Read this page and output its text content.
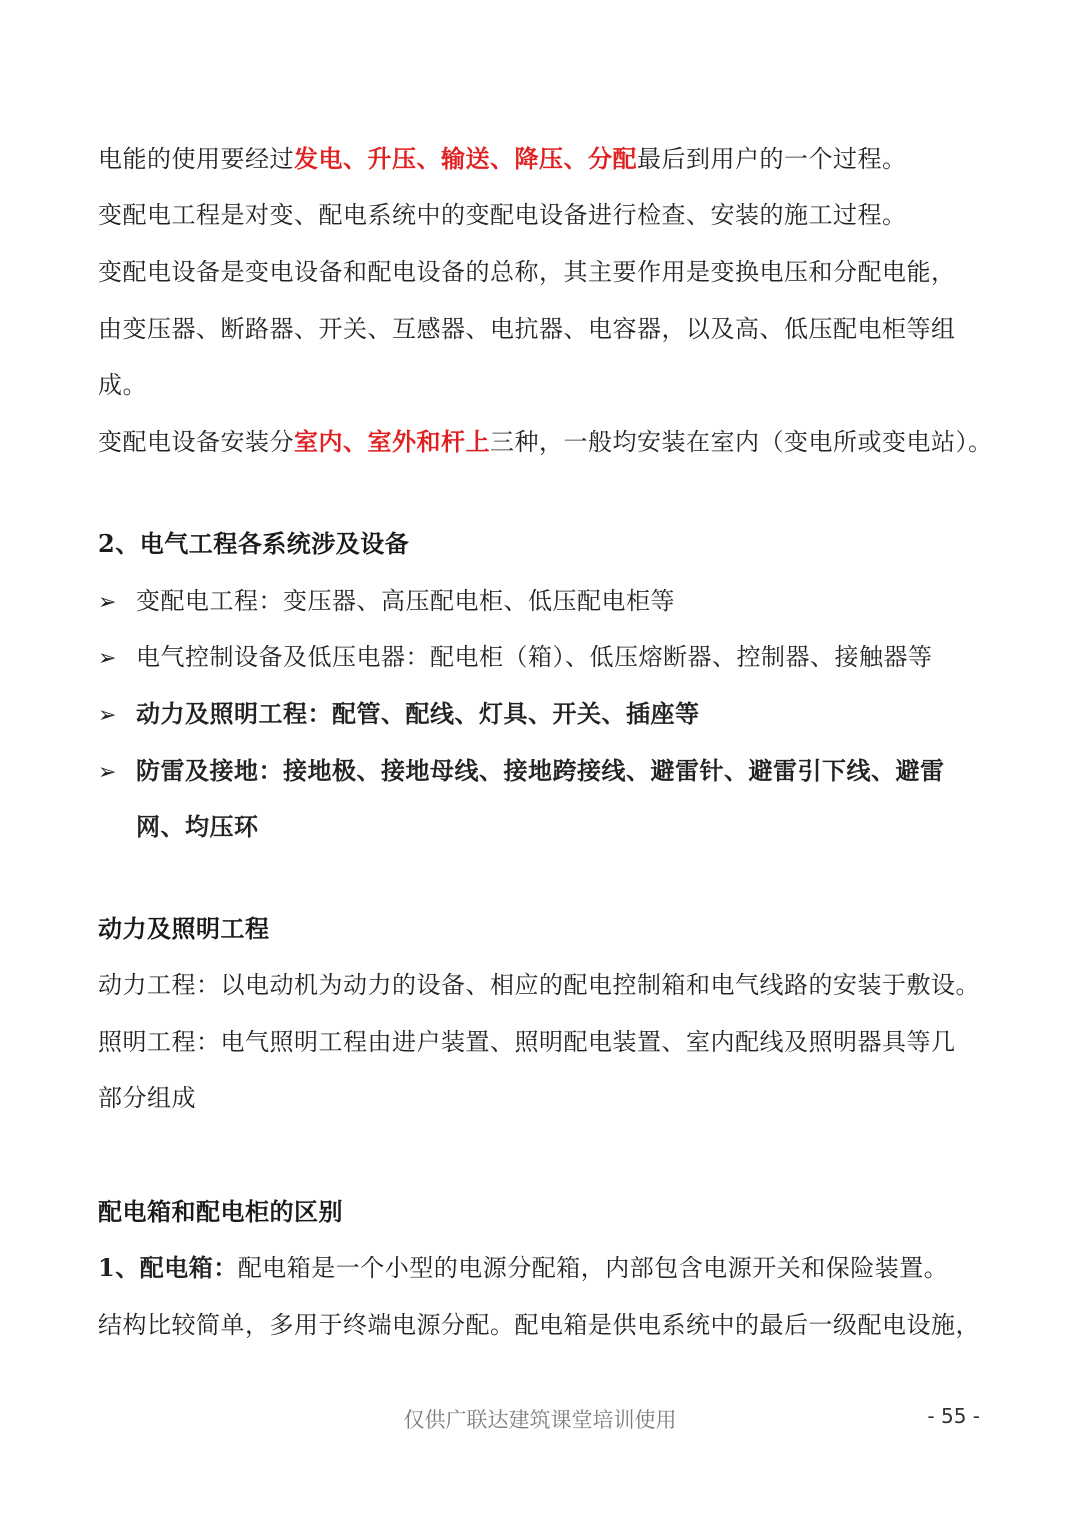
电能的使用要经过发电、升压、输送、降压、分配最后到用户的一个过程。
变配电工程是对变、配电系统中的变配电设备进行检查、安装的施工过程。
变配电设备是变电设备和配电设备的总称，其主要作用是变换电压和分配电能，
由变压器、断路器、开关、互感器、电抗器、电容器，以及高、低压配电柜等组
成。
变配电设备安装分室内、室外和杆上三种，一般均安装在室内（变电所或变电站）。
2、电气工程各系统涉及设备
➢ 变配电工程：变压器、高压配电柜、低压配电柜等
➢ 电气控制设备及低压电器：配电柜（箱）、低压熔断器、控制器、接触器等
➢ 动力及照明工程：配管、配线、灯具、开关、插座等
➢ 防雷及接地：接地极、接地母线、接地跨接线、避雷针、避雷引下线、避雷
网、均压环
动力及照明工程
动力工程：以电动机为动力的设备、相应的配电控制箱和电气线路的安装于敷设。
照明工程：电气照明工程由进户装置、照明配电装置、室内配线及照明器具等几
部分组成
配电箱和配电柜的区别
1、配电箱：配电箱是一个小型的电源分配箱，内部包含电源开关和保险装置。
结构比较简单，多用于终端电源分配。配电箱是供电系统中的最后一级配电设施，
仅供广联达建筑课堂培训使用	- 55 -
